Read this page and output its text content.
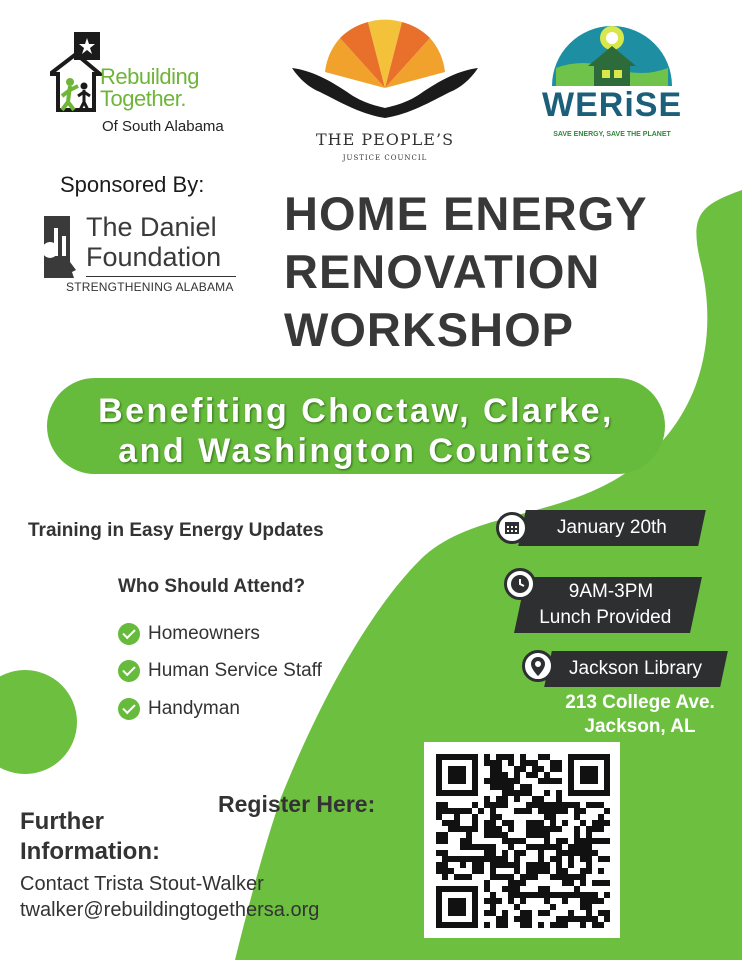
Rebuilding
Together.
Of South Alabama
THE PEOPLE’S
JUSTICE COUNCIL
WERiSE
SAVE ENERGY, SAVE THE PLANET
Sponsored By:
The Daniel
Foundation
STRENGTHENING ALABAMA
HOME ENERGY
RENOVATION
WORKSHOP
Benefiting Choctaw, Clarke,
and Washington Counites
Training in Easy Energy Updates
Who Should Attend?
Homeowners
Human Service Staff
Handyman
January 20th
9AM-3PM
Lunch Provided
Jackson Library
213 College Ave.
Jackson, AL
Register Here:
Further
Information:
Contact Trista Stout-Walker
twalker@rebuildingtogethersa.org
